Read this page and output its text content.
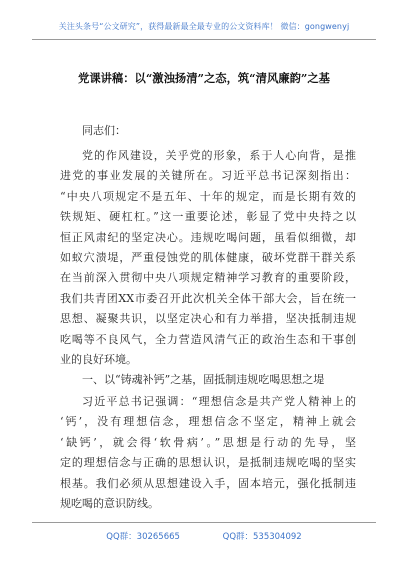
关注头条号“公文研究”，获得最新最全最专业的公文资料库！ 微信：gongwenyj
党课讲稿：以“激浊扬清”之态，筑“清风廉韵”之基
同志们：
党的作风建设，关乎党的形象，系于人心向背，是推
进党的事业发展的关键所在。习近平总书记深刻指出：
“中央八项规定不是五年、十年的规定，而是长期有效的
铁规矩、硬杠杠。”这一重要论述，彰显了党中央持之以
恒正风肃纪的坚定决心。违规吃喝问题，虽看似细微，却
如蚁穴溃堤，严重侵蚀党的肌体健康，破坏党群干群关系
在当前深入贯彻中央八项规定精神学习教育的重要阶段，
我们共青团XX市委召开此次机关全体干部大会，旨在统一
思想、凝聚共识，以坚定决心和有力举措，坚决抵制违规
吃喝等不良风气，全力营造风清气正的政治生态和干事创
业的良好环境。
一、以“铸魂补钙”之基，固抵制违规吃喝思想之堤
习近平总书记强调：“理想信念是共产党人精神上的
‘钙’，没有理想信念，理想信念不坚定，精神上就会
‘缺钙’，就会得‘软骨病’。”思想是行动的先导，坚
定的理想信念与正确的思想认识，是抵制违规吃喝的坚实
根基。我们必须从思想建设入手，固本培元，强化抵制违
规吃喝的意识防线。
QQ群：30265665	QQ群：535304092
